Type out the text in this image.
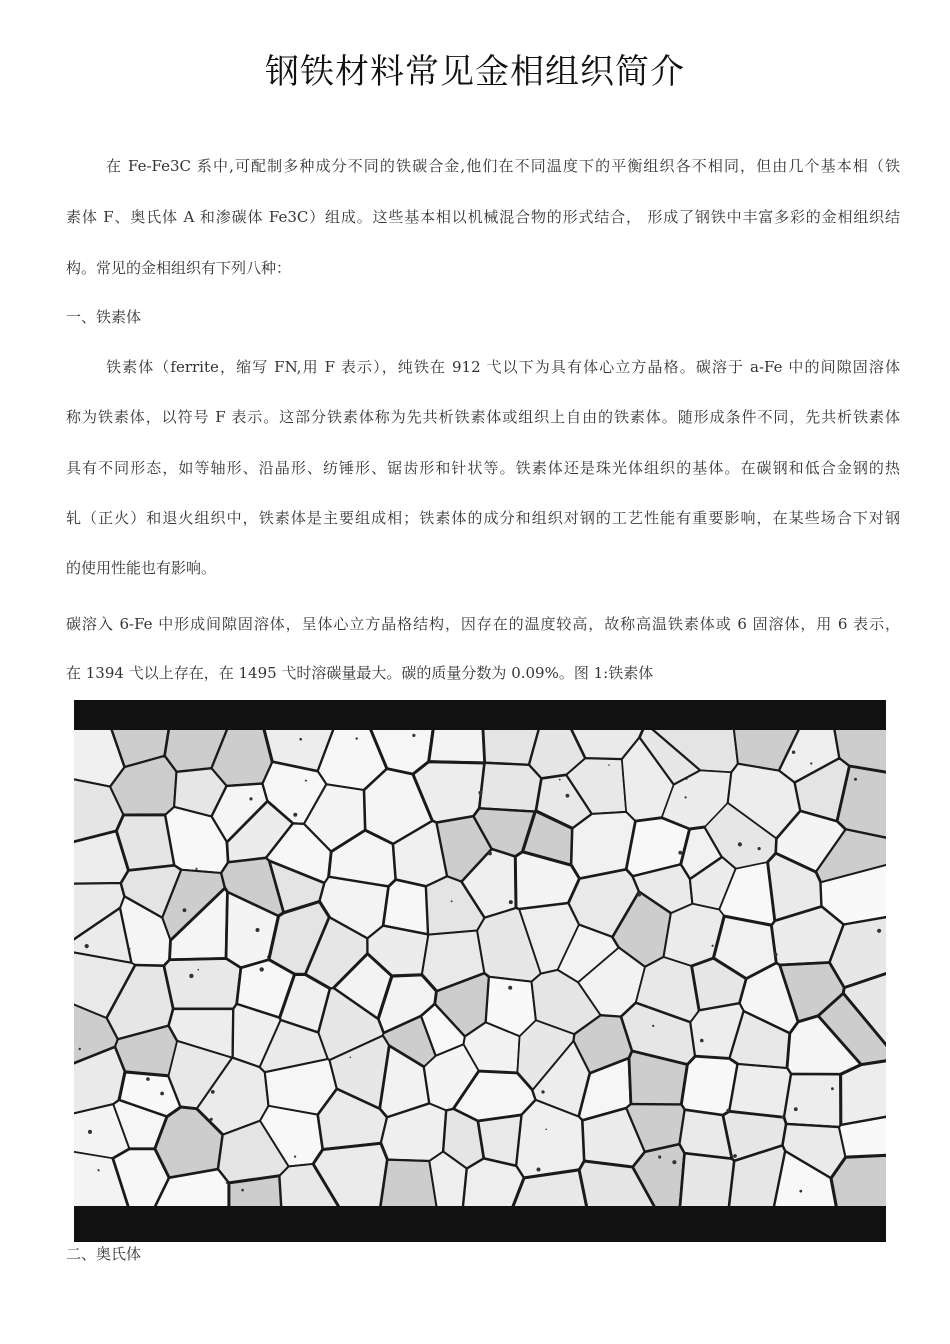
钢铁材料常见金相组织简介
在 Fe-Fe3C 系中,可配制多种成分不同的铁碳合金,他们在不同温度下的平衡组织各不相同，但由几个基本相（铁
素体 F、奥氏体 A 和渗碳体 Fe3C）组成。这些基本相以机械混合物的形式结合， 形成了钢铁中丰富多彩的金相组织结
构。常见的金相组织有下列八种：
一、铁素体
铁素体（ferrite，缩写 FN,用 F 表示），纯铁在 912 弋以下为具有体心立方晶格。碳溶于 a-Fe 中的间隙固溶体
称为铁素体，以符号 F 表示。这部分铁素体称为先共析铁素体或组织上自由的铁素体。随形成条件不同，先共析铁素体
具有不同形态，如等轴形、沿晶形、纺锤形、锯齿形和针状等。铁素体还是珠光体组织的基体。在碳钢和低合金钢的热
轧（正火）和退火组织中，铁素体是主要组成相；铁素体的成分和组织对钢的工艺性能有重要影响，在某些场合下对钢
的使用性能也有影响。
碳溶入 6-Fe 中形成间隙固溶体，呈体心立方晶格结构，因存在的温度较高，故称高温铁素体或 6 固溶体，用 6 表示，
在 1394 弋以上存在，在 1495 弋时溶碳量最大。碳的质量分数为 0.09%。图 1:铁素体
二、奥氏体
